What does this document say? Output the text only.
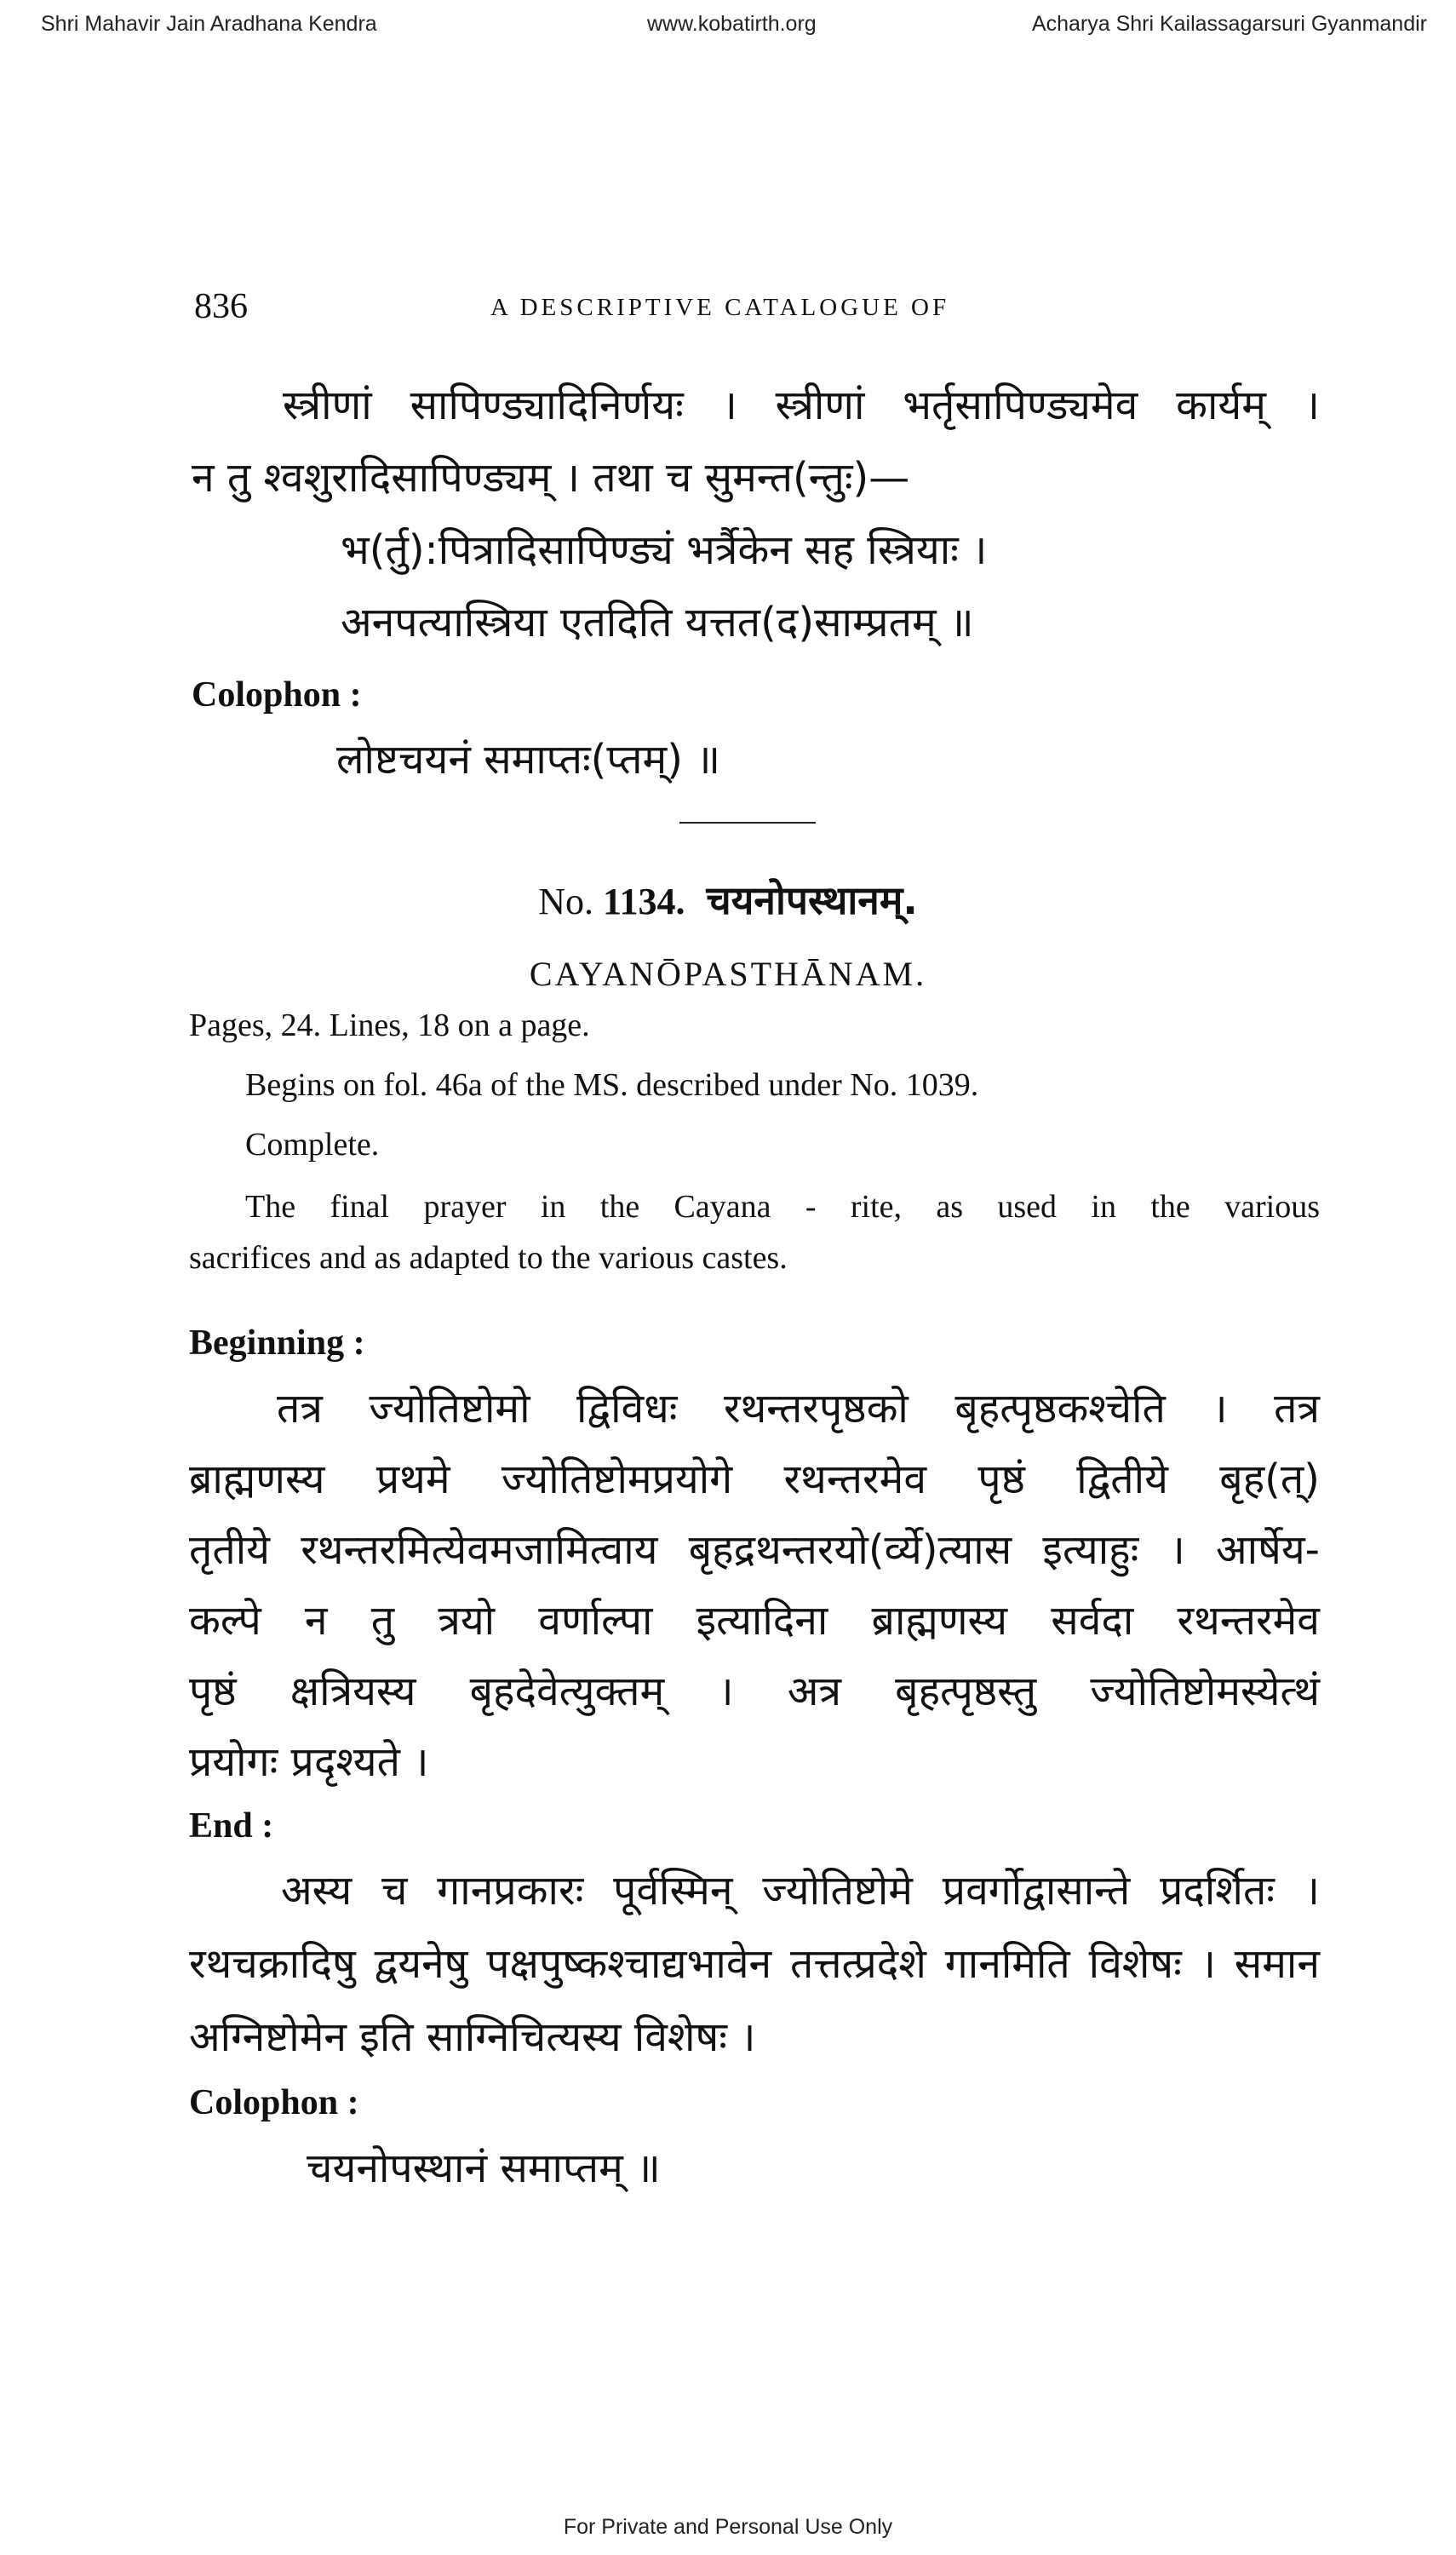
Shri Mahavir Jain Aradhana Kendra	www.kobatirth.org	Acharya Shri Kailassagarsuri Gyanmandir
836	A DESCRIPTIVE CATALOGUE OF
स्त्रीणां सापिण्ड्यादिनिर्णयः । स्त्रीणां भर्तृसापिण्ड्यमेव कार्यम् ।
न तु श्वशुरादिसापिण्ड्यम् । तथा च सुमन्त(न्तुः)—
भ(र्तु):पित्रादिसापिण्ड्यं भर्त्रैकेन सह स्त्रियाः ।
अनपत्यास्त्रिया एतदिति यत्तत(द)साम्प्रतम् ॥
Colophon :
लोष्टचयनं समाप्तः(प्तम्) ॥
No. 1134. चयनोपस्थानम्.
CAYANŌPASTHĀNAM.
Pages, 24. Lines, 18 on a page.
Begins on fol. 46a of the MS. described under No. 1039.
Complete.
The final prayer in the Cayana - rite, as used in the various
sacrifices and as adapted to the various castes.
Beginning :
तत्र ज्योतिष्टोमो द्विविधः रथन्तरपृष्ठको बृहत्पृष्ठकश्चेति । तत्र
ब्राह्मणस्य प्रथमे ज्योतिष्टोमप्रयोगे रथन्तरमेव पृष्ठं द्वितीये बृह(त्)
तृतीये रथन्तरमित्येवमजामित्वाय बृहद्रथन्तरयो(र्व्ये)त्यास इत्याहुः । आर्षेय-
कल्पे न तु त्रयो वर्णाल्पा इत्यादिना ब्राह्मणस्य सर्वदा रथन्तरमेव
पृष्ठं क्षत्रियस्य बृहदेवेत्युक्तम् । अत्र बृहत्पृष्ठस्तु ज्योतिष्टोमस्येत्थं
प्रयोगः प्रदृश्यते ।
End :
अस्य च गानप्रकारः पूर्वस्मिन् ज्योतिष्टोमे प्रवर्गोद्वासान्ते प्रदर्शितः ।
रथचक्रादिषु द्वयनेषु पक्षपुष्कश्चाद्यभावेन तत्तत्प्रदेशे गानमिति विशेषः । समान
अग्निष्टोमेन इति साग्निचित्यस्य विशेषः ।
Colophon :
चयनोपस्थानं समाप्तम् ॥
For Private and Personal Use Only
